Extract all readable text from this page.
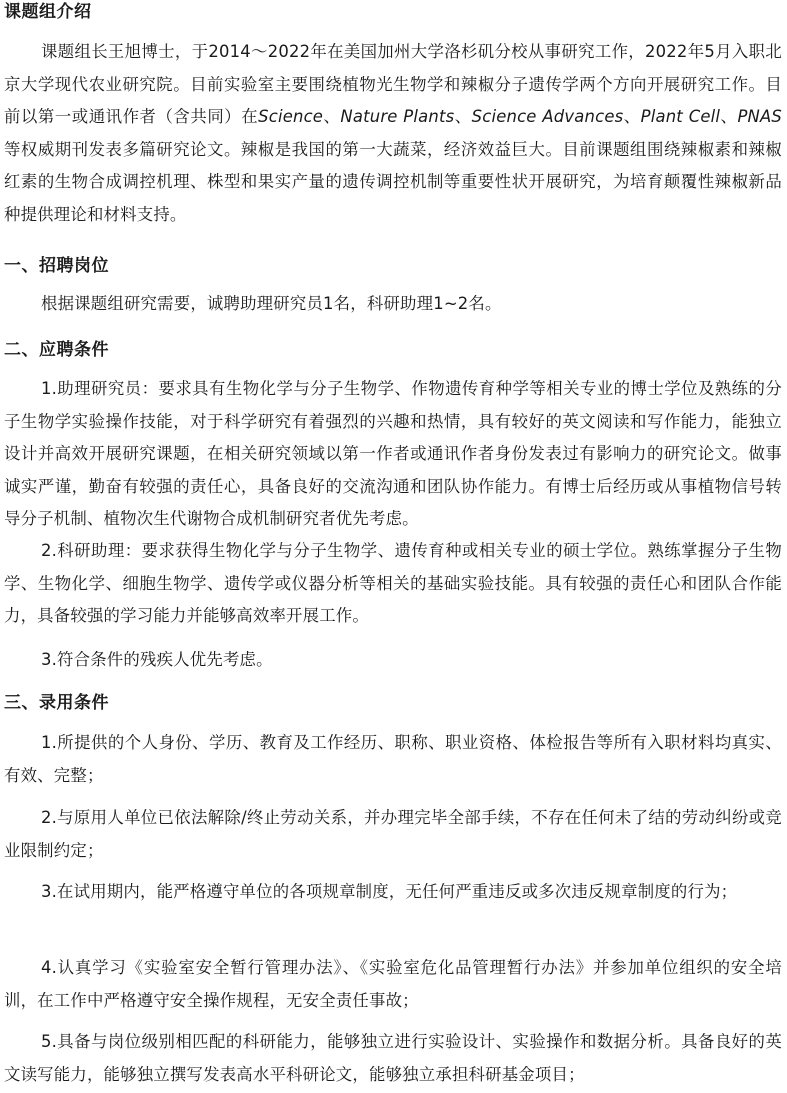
课题组介绍

课题组长王旭博士，于2014～2022年在美国加州大学洛杉矶分校从事研究工作，2022年5月入职北京大学现代农业研究院。目前实验室主要围绕植物光生物学和辣椒分子遗传学两个方向开展研究工作。目前以第一或通讯作者（含共同）在Science、Nature Plants、Science Advances、Plant Cell、PNAS等权威期刊发表多篇研究论文。辣椒是我国的第一大蔬菜，经济效益巨大。目前课题组围绕辣椒素和辣椒红素的生物合成调控机理、株型和果实产量的遗传调控机制等重要性状开展研究，为培育颠覆性辣椒新品种提供理论和材料支持。

一、招聘岗位

根据课题组研究需要，诚聘助理研究员1名，科研助理1~2名。

二、应聘条件

1.助理研究员：要求具有生物化学与分子生物学、作物遗传育种学等相关专业的博士学位及熟练的分子生物学实验操作技能，对于科学研究有着强烈的兴趣和热情，具有较好的英文阅读和写作能力，能独立设计并高效开展研究课题，在相关研究领域以第一作者或通讯作者身份发表过有影响力的研究论文。做事诚实严谨，勤奋有较强的责任心，具备良好的交流沟通和团队协作能力。有博士后经历或从事植物信号转导分子机制、植物次生代谢物合成机制研究者优先考虑。

2.科研助理：要求获得生物化学与分子生物学、遗传育种或相关专业的硕士学位。熟练掌握分子生物学、生物化学、细胞生物学、遗传学或仪器分析等相关的基础实验技能。具有较强的责任心和团队合作能力，具备较强的学习能力并能够高效率开展工作。

3.符合条件的残疾人优先考虑。

三、录用条件

1.所提供的个人身份、学历、教育及工作经历、职称、职业资格、体检报告等所有入职材料均真实、有效、完整；

2.与原用人单位已依法解除/终止劳动关系，并办理完毕全部手续，不存在任何未了结的劳动纠纷或竞业限制约定；

3.在试用期内，能严格遵守单位的各项规章制度，无任何严重违反或多次违反规章制度的行为；

4.认真学习《实验室安全暂行管理办法》、《实验室危化品管理暂行办法》并参加单位组织的安全培训，在工作中严格遵守安全操作规程，无安全责任事故；

5.具备与岗位级别相匹配的科研能力，能够独立进行实验设计、实验操作和数据分析。具备良好的英文读写能力，能够独立撰写发表高水平科研论文，能够独立承担科研基金项目；
